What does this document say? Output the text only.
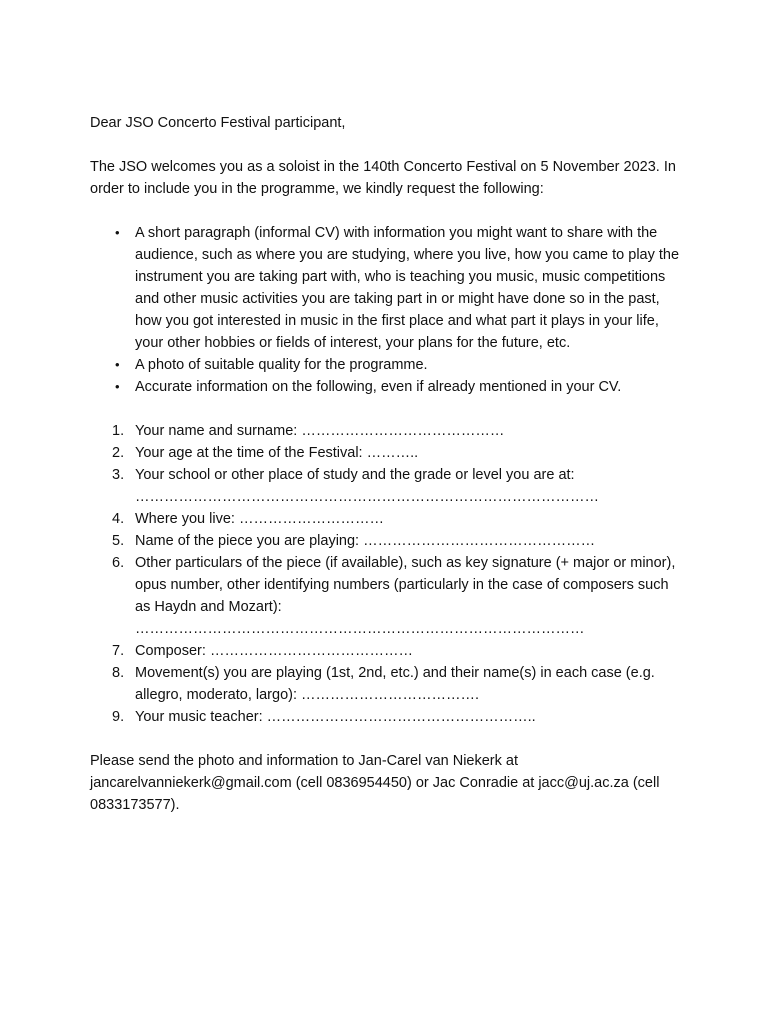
Dear JSO Concerto Festival participant,

The JSO welcomes you as a soloist in the 140th Concerto Festival on 5 November 2023. In order to include you in the programme, we kindly request the following:

• A short paragraph (informal CV) with information you might want to share with the audience, such as where you are studying, where you live, how you came to play the instrument you are taking part with, who is teaching you music, music competitions and other music activities you are taking part in or might have done so in the past, how you got interested in music in the first place and what part it plays in your life, your other hobbies or fields of interest, your plans for the future, etc.
• A photo of suitable quality for the programme.
• Accurate information on the following, even if already mentioned in your CV.
1. Your name and surname: ……………………………………
2. Your age at the time of the Festival: ………..
3. Your school or other place of study and the grade or level you are at: ……………………………………………………………………………………
4. Where you live: …………………………
5. Name of the piece you are playing: …………………………………………
6. Other particulars of the piece (if available), such as key signature (+ major or minor), opus number, other identifying numbers (particularly in the case of composers such as Haydn and Mozart): …………………………………………………………………………………
7. Composer: ……………………………………
8. Movement(s) you are playing (1st, 2nd, etc.) and their name(s) in each case (e.g. allegro, moderato, largo): ……………………………….
9. Your music teacher: ………………………………………………..

Please send the photo and information to Jan-Carel van Niekerk at jancarelvanniekerk@gmail.com (cell 0836954450) or Jac Conradie at jacc@uj.ac.za (cell 0833173577).
